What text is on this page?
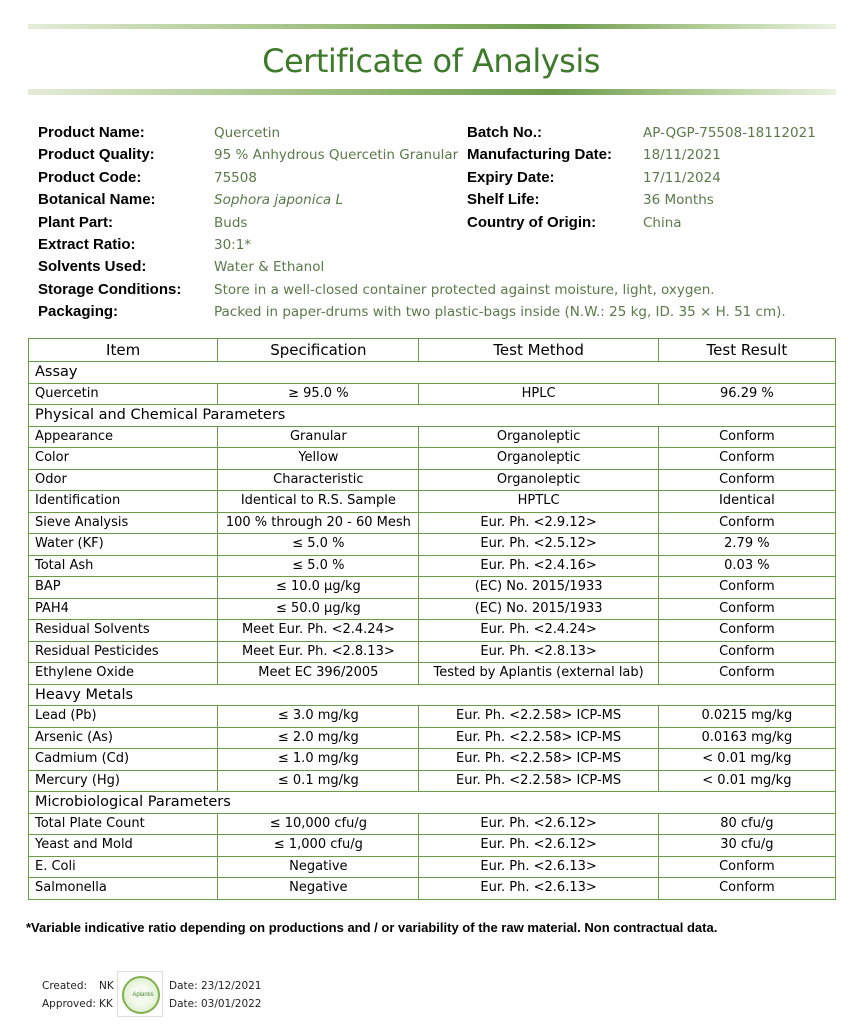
Certificate of Analysis
Product Name:	Quercetin
Product Quality:	95 % Anhydrous Quercetin Granular
Product Code:	75508
Botanical Name:	Sophora japonica L
Plant Part:	Buds
Extract Ratio:	30:1*
Solvents Used:	Water & Ethanol
Storage Conditions: Store in a well-closed container protected against moisture, light, oxygen.
Packaging:	Packed in paper-drums with two plastic-bags inside (N.W.: 25 kg, ID. 35 × H. 51 cm).
Batch No.:	AP-QGP-75508-18112021
Manufacturing Date: 18/11/2021
Expiry Date:	17/11/2024
Shelf Life:	36 Months
Country of Origin:	China
Item	Specification	Test Method	Test Result
Assay			
Quercetin	≥ 95.0 %	HPLC	96.29 %
Physical and Chemical Parameters			
Appearance	Granular	Organoleptic	Conform
Color	Yellow	Organoleptic	Conform
Odor	Characteristic	Organoleptic	Conform
Identification	Identical to R.S. Sample	HPTLC	Identical
Sieve Analysis	100 % through 20 - 60 Mesh	Eur. Ph. <2.9.12>	Conform
Water (KF)	≤ 5.0 %	Eur. Ph. <2.5.12>	2.79 %
Total Ash	≤ 5.0 %	Eur. Ph. <2.4.16>	0.03 %
BAP	≤ 10.0 µg/kg	(EC) No. 2015/1933	Conform
PAH4	≤ 50.0 µg/kg	(EC) No. 2015/1933	Conform
Residual Solvents	Meet Eur. Ph. <2.4.24>	Eur. Ph. <2.4.24>	Conform
Residual Pesticides	Meet Eur. Ph. <2.8.13>	Eur. Ph. <2.8.13>	Conform
Ethylene Oxide	Meet EC 396/2005	Tested by Aplantis (external lab)	Conform
Heavy Metals			
Lead (Pb)	≤ 3.0 mg/kg	Eur. Ph. <2.2.58> ICP-MS	0.0215 mg/kg
Arsenic (As)	≤ 2.0 mg/kg	Eur. Ph. <2.2.58> ICP-MS	0.0163 mg/kg
Cadmium (Cd)	≤ 1.0 mg/kg	Eur. Ph. <2.2.58> ICP-MS	< 0.01 mg/kg
Mercury (Hg)	≤ 0.1 mg/kg	Eur. Ph. <2.2.58> ICP-MS	< 0.01 mg/kg
Microbiological Parameters			
Total Plate Count	≤ 10,000 cfu/g	Eur. Ph. <2.6.12>	80 cfu/g
Yeast and Mold	≤ 1,000 cfu/g	Eur. Ph. <2.6.12>	30 cfu/g
E. Coli	Negative	Eur. Ph. <2.6.13>	Conform
Salmonella	Negative	Eur. Ph. <2.6.13>	Conform
*Variable indicative ratio depending on productions and / or variability of the raw material. Non contractual data.
Created: NK
Approved: KK
Aplantis
Date: 23/12/2021
Date: 03/01/2022
